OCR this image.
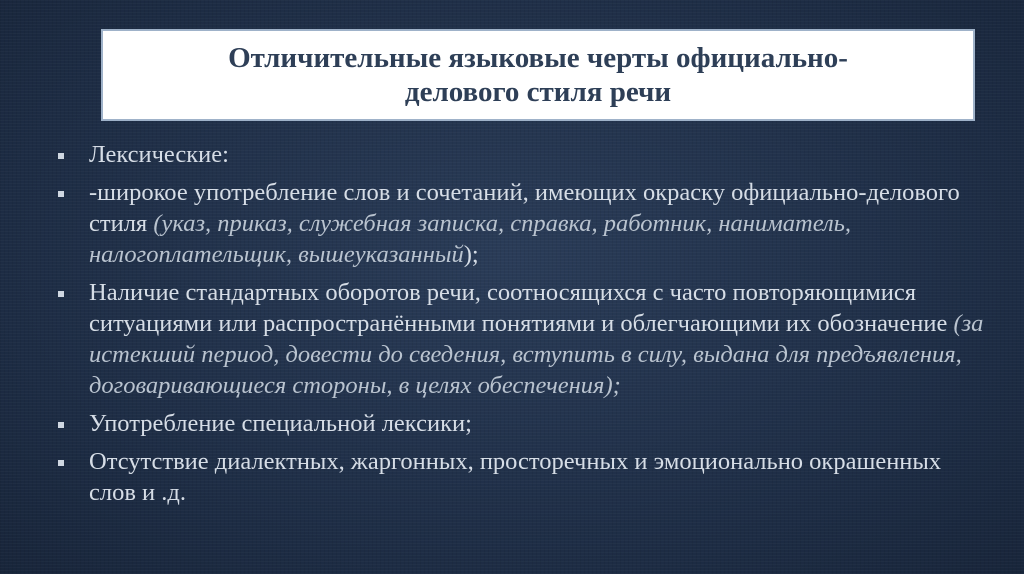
Отличительные языковые черты официально-делового стиля речи
Лексические:
-широкое употребление слов и сочетаний, имеющих окраску официально-делового стиля (указ, приказ, служебная записка, справка, работник, наниматель, налогоплательщик, вышеуказанный);
Наличие стандартных оборотов речи, соотносящихся с часто повторяющимися ситуациями или распространёнными понятиями и облегчающими их обозначение (за истекший период, довести до сведения, вступить в силу, выдана для предъявления, договаривающиеся стороны, в целях обеспечения);
Употребление специальной лексики;
Отсутствие диалектных, жаргонных, просторечных и эмоционально окрашенных слов и .д.
